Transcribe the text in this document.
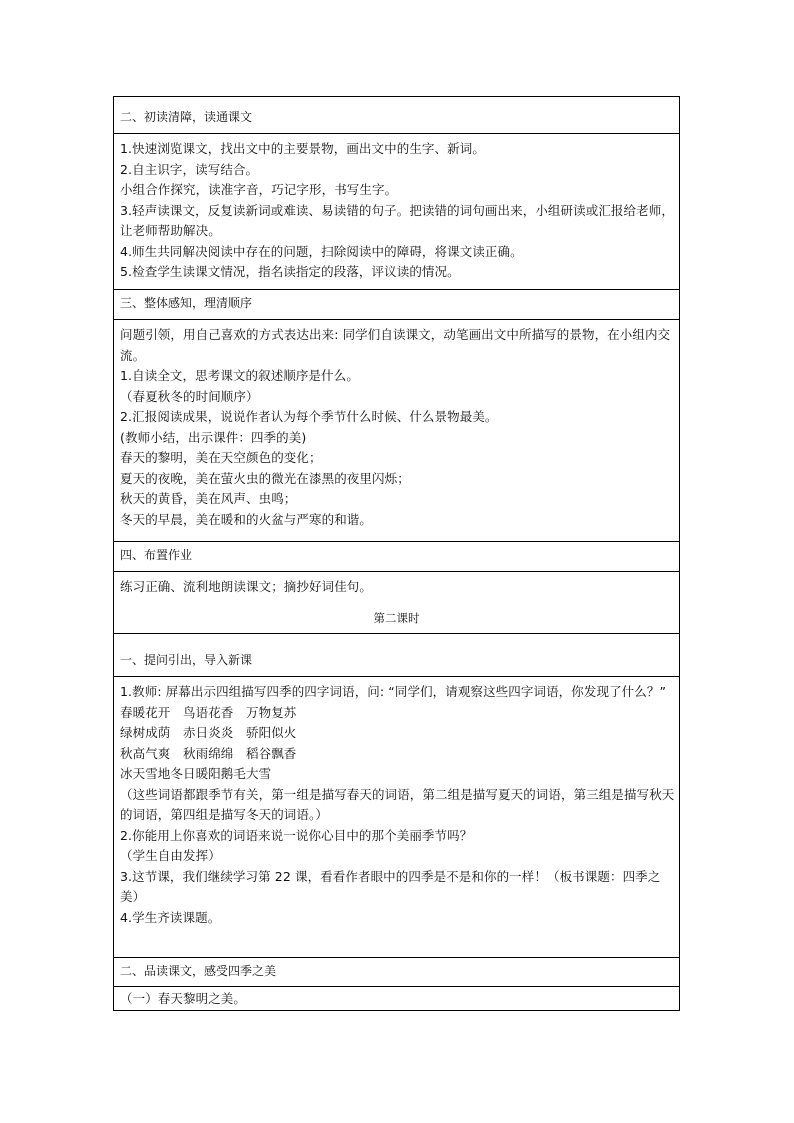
二、初读清障，读通课文

1.快速浏览课文，找出文中的主要景物，画出文中的生字、新词。

2.自主识字，读写结合。

小组合作探究，读准字音，巧记字形，书写生字。

3.轻声读课文，反复读新词或难读、易读错的句子。把读错的词句画出来，小组研读或汇报给老师，让老师帮助解决。

4.师生共同解决阅读中存在的问题，扫除阅读中的障碍，将课文读正确。

5.检查学生读课文情况，指名读指定的段落，评议读的情况。

三、整体感知，理清顺序

问题引领，用自己喜欢的方式表达出来: 同学们自读课文，动笔画出文中所描写的景物，在小组内交流。

1.自读全文，思考课文的叙述顺序是什么。

（春夏秋冬的时间顺序）

2.汇报阅读成果，说说作者认为每个季节什么时候、什么景物最美。

(教师小结，出示课件：四季的美)

春天的黎明，美在天空颜色的变化；

夏天的夜晚，美在萤火虫的微光在漆黑的夜里闪烁；

秋天的黄昏，美在风声、虫鸣；

冬天的早晨，美在暖和的火盆与严寒的和谐。

四、布置作业

练习正确、流利地朗读课文；摘抄好词佳句。

第二课时
一、提问引出，导入新课

1.教师: 屏幕出示四组描写四季的四字词语，问: “同学们，请观察这些四字词语，你发现了什么？”

春暖花开　鸟语花香　万物复苏

绿树成荫　赤日炎炎　骄阳似火

秋高气爽　秋雨绵绵　稻谷飘香

冰天雪地冬日暖阳鹅毛大雪

（这些词语都跟季节有关，第一组是描写春天的词语，第二组是描写夏天的词语，第三组是描写秋天的词语，第四组是描写冬天的词语。）

2.你能用上你喜欢的词语来说一说你心目中的那个美丽季节吗？

（学生自由发挥）

3.这节课，我们继续学习第 22 课，看看作者眼中的四季是不是和你的一样！（板书课题：四季之美）

4.学生齐读课题。

二、品读课文，感受四季之美

（一）春天黎明之美。
